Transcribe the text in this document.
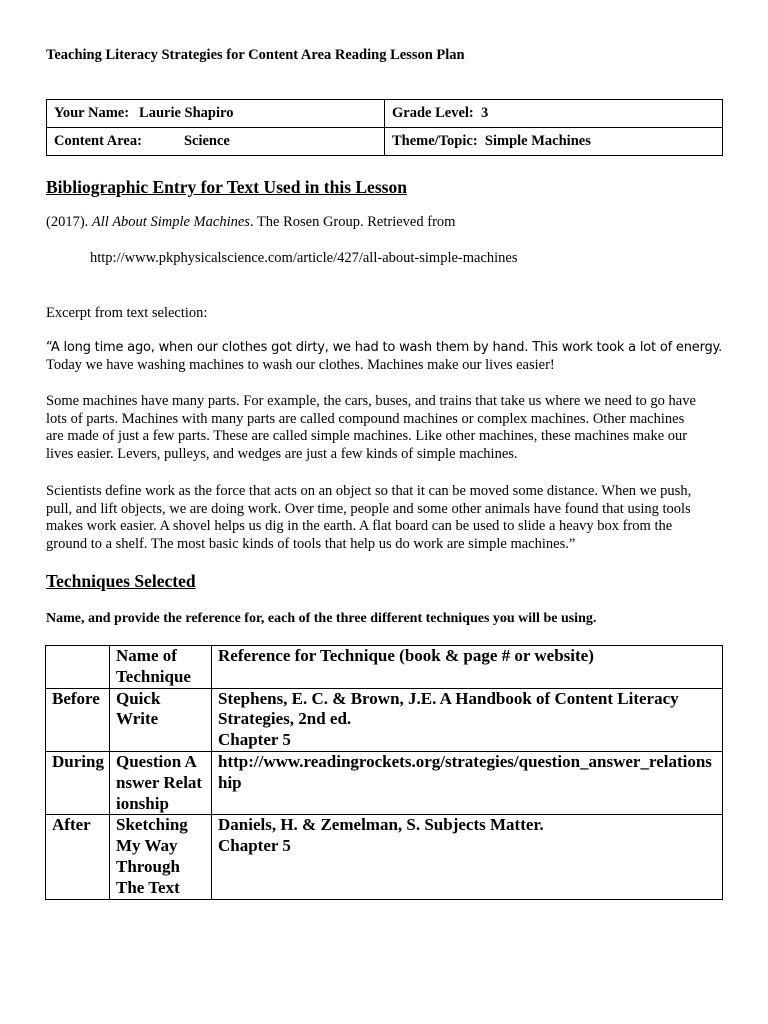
Teaching Literacy Strategies for Content Area Reading Lesson Plan
Your Name: Laurie Shapiro	Grade Level: 3
Content Area: Science	Theme/Topic: Simple Machines
Bibliographic Entry for Text Used in this Lesson
(2017). All About Simple Machines. The Rosen Group. Retrieved from
http://www.pkphysicalscience.com/article/427/all-about-simple-machines
Excerpt from text selection:
“A long time ago, when our clothes got dirty, we had to wash them by hand. This work took a lot of energy.
Today we have washing machines to wash our clothes. Machines make our lives easier!
Some machines have many parts. For example, the cars, buses, and trains that take us where we need to go have
lots of parts. Machines with many parts are called compound machines or complex machines. Other machines
are made of just a few parts. These are called simple machines. Like other machines, these machines make our
lives easier. Levers, pulleys, and wedges are just a few kinds of simple machines.
Scientists define work as the force that acts on an object so that it can be moved some distance. When we push,
pull, and lift objects, we are doing work. Over time, people and some other animals have found that using tools
makes work easier. A shovel helps us dig in the earth. A flat board can be used to slide a heavy box from the
ground to a shelf. The most basic kinds of tools that help us do work are simple machines.”
Techniques Selected
Name, and provide the reference for, each of the three different techniques you will be using.

	Name of Technique	Reference for Technique (book & page # or website)

Before	Quick Write	Stephens, E. C. & Brown, J.E. A Handbook of Content Literacy
Strategies, 2nd ed.
Chapter 5

During	Question Answer Relationship	http://www.readingrockets.org/strategies/question_answer_relationship

After	Sketching My Way Through The Text	Daniels, H. & Zemelman, S. Subjects Matter.
Chapter 5
